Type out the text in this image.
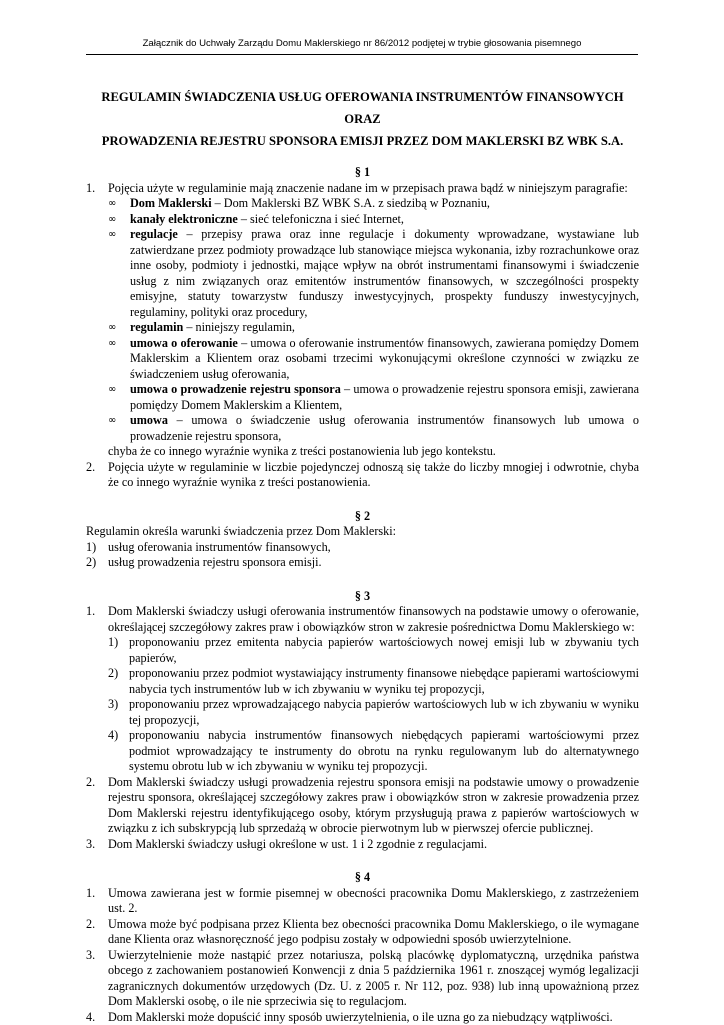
Załącznik do Uchwały Zarządu Domu Maklerskiego nr 86/2012 podjętej w trybie głosowania pisemnego
REGULAMIN ŚWIADCZENIA USŁUG OFEROWANIA INSTRUMENTÓW FINANSOWYCH ORAZ
PROWADZENIA REJESTRU SPONSORA EMISJI PRZEZ DOM MAKLERSKI BZ WBK S.A.
§ 1
1.	Pojęcia użyte w regulaminie mają znaczenie nadane im w przepisach prawa bądź w niniejszym paragrafie:
∞	Dom Maklerski – Dom Maklerski BZ WBK S.A. z siedzibą w Poznaniu,
∞	kanały elektroniczne – sieć telefoniczna i sieć Internet,
∞	regulacje – przepisy prawa oraz inne regulacje i dokumenty wprowadzane, wystawiane lub zatwierdzane przez podmioty prowadzące lub stanowiące miejsca wykonania, izby rozrachunkowe oraz inne osoby, podmioty i jednostki, mające wpływ na obrót instrumentami finansowymi i świadczenie usług z nim związanych oraz emitentów instrumentów finansowych, w szczególności prospekty emisyjne, statuty towarzystw funduszy inwestycyjnych, prospekty funduszy inwestycyjnych, regulaminy, polityki oraz procedury,
∞	regulamin – niniejszy regulamin,
∞	umowa o oferowanie – umowa o oferowanie instrumentów finansowych, zawierana pomiędzy Domem Maklerskim a Klientem oraz osobami trzecimi wykonującymi określone czynności w związku ze świadczeniem usług oferowania,
∞	umowa o prowadzenie rejestru sponsora – umowa o prowadzenie rejestru sponsora emisji, zawierana pomiędzy Domem Maklerskim a Klientem,
∞	umowa – umowa o świadczenie usług oferowania instrumentów finansowych lub umowa o prowadzenie rejestru sponsora,
chyba że co innego wyraźnie wynika z treści postanowienia lub jego kontekstu.
2.	Pojęcia użyte w regulaminie w liczbie pojedynczej odnoszą się także do liczby mnogiej i odwrotnie, chyba że co innego wyraźnie wynika z treści postanowienia.
§ 2
Regulamin określa warunki świadczenia przez Dom Maklerski:
1) usług oferowania instrumentów finansowych,
2) usług prowadzenia rejestru sponsora emisji.
§ 3
1.	Dom Maklerski świadczy usługi oferowania instrumentów finansowych na podstawie umowy o oferowanie, określającej szczegółowy zakres praw i obowiązków stron w zakresie pośrednictwa Domu Maklerskiego w:
1) proponowaniu przez emitenta nabycia papierów wartościowych nowej emisji lub w zbywaniu tych papierów,
2) proponowaniu przez podmiot wystawiający instrumenty finansowe niebędące papierami wartościowymi nabycia tych instrumentów lub w ich zbywaniu w wyniku tej propozycji,
3) proponowaniu przez wprowadzającego nabycia papierów wartościowych lub w ich zbywaniu w wyniku tej propozycji,
4) proponowaniu nabycia instrumentów finansowych niebędących papierami wartościowymi przez podmiot wprowadzający te instrumenty do obrotu na rynku regulowanym lub do alternatywnego systemu obrotu lub w ich zbywaniu w wyniku tej propozycji.
2.	Dom Maklerski świadczy usługi prowadzenia rejestru sponsora emisji na podstawie umowy o prowadzenie rejestru sponsora, określającej szczegółowy zakres praw i obowiązków stron w zakresie prowadzenia przez Dom Maklerski rejestru identyfikującego osoby, którym przysługują prawa z papierów wartościowych w związku z ich subskrypcją lub sprzedażą w obrocie pierwotnym lub w pierwszej ofercie publicznej.
3.	Dom Maklerski świadczy usługi określone w ust. 1 i 2 zgodnie z regulacjami.
§ 4
1.	Umowa zawierana jest w formie pisemnej w obecności pracownika Domu Maklerskiego, z zastrzeżeniem ust. 2.
2.	Umowa może być podpisana przez Klienta bez obecności pracownika Domu Maklerskiego, o ile wymagane dane Klienta oraz własnoręczność jego podpisu zostały w odpowiedni sposób uwierzytelnione.
3.	Uwierzytelnienie może nastąpić przez notariusza, polską placówkę dyplomatyczną, urzędnika państwa obcego z zachowaniem postanowień Konwencji z dnia 5 października 1961 r. znoszącej wymóg legalizacji zagranicznych dokumentów urzędowych (Dz. U. z 2005 r. Nr 112, poz. 938) lub inną upoważnioną przez Dom Maklerski osobę, o ile nie sprzeciwia się to regulacjom.
4.	Dom Maklerski może dopuścić inny sposób uwierzytelnienia, o ile uzna go za niebudzący wątpliwości.
